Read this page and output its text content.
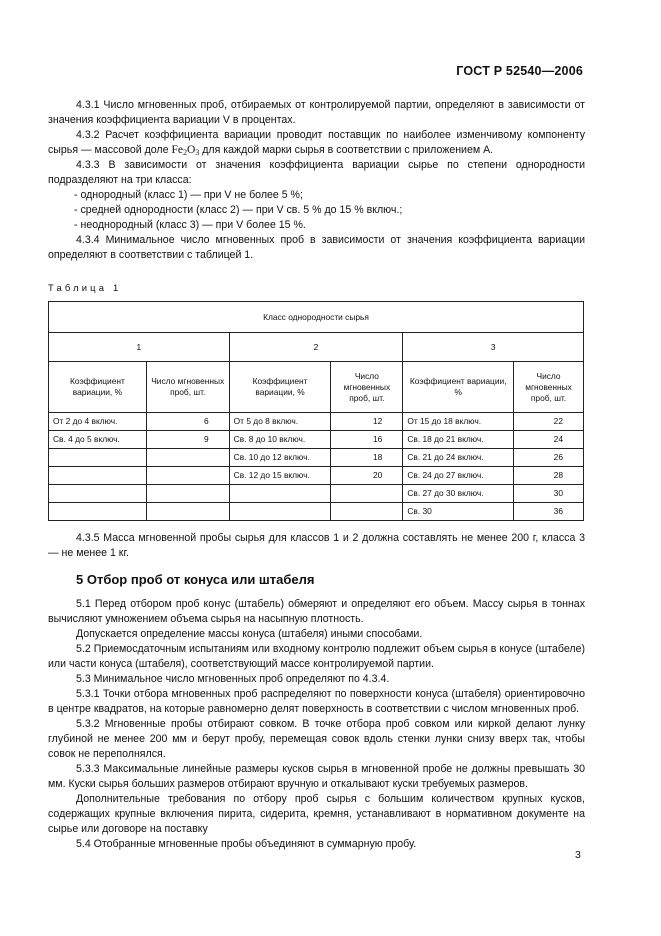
ГОСТ Р 52540—2006

4.3.1 Число мгновенных проб, отбираемых от контролируемой партии, определяют в зависимости от значения коэффициента вариации V в процентах.

4.3.2 Расчет коэффициента вариации проводит поставщик по наиболее изменчивому компоненту сырья — массовой доле $Fe_2O_3$ для каждой марки сырья в соответствии с приложением А.

4.3.3 В зависимости от значения коэффициента вариации сырье по степени однородности подразделяют на три класса:

- однородный (класс 1) — при V не более 5 %;

- средней однородности (класс 2) — при V св. 5 % до 15 % включ.;

- неоднородный (класс 3) — при V более 15 %.

4.3.4 Минимальное число мгновенных проб в зависимости от значения коэффициента вариации определяют в соответствии с таблицей 1.

Таблица 1
Класс однородности сырья					
1		2		3	
Коэффициент вариации, %	Число мгновенных проб, шт.	Коэффициент вариации, %	Число мгновенных проб, шт.	Коэффициент вариации, %	Число мгновенных проб, шт.
От 2 до 4 включ.	6	От 5 до 8 включ.	12	От 15 до 18 включ.	22
Св. 4 до 5 включ.	9	Св. 8 до 10 включ.	16	Св. 18 до 21 включ.	24
		Св. 10 до 12 включ.	18	Св. 21 до 24 включ.	26
		Св. 12 до 15 включ.	20	Св. 24 до 27 включ.	28
				Св. 27 до 30 включ.	30
				Св. 30	36

4.3.5 Масса мгновенной пробы сырья для классов 1 и 2 должна составлять не менее 200 г, класса 3 — не менее 1 кг.

5 Отбор проб от конуса или штабеля

5.1 Перед отбором проб конус (штабель) обмеряют и определяют его объем. Массу сырья в тоннах вычисляют умножением объема сырья на насыпную плотность.

Допускается определение массы конуса (штабеля) иными способами.

5.2 Приемосдаточным испытаниям или входному контролю подлежит объем сырья в конусе (штабеле) или части конуса (штабеля), соответствующий массе контролируемой партии.

5.3 Минимальное число мгновенных проб определяют по 4.3.4.

5.3.1 Точки отбора мгновенных проб распределяют по поверхности конуса (штабеля) ориентировочно в центре квадратов, на которые равномерно делят поверхность в соответствии с числом мгновенных проб.

5.3.2 Мгновенные пробы отбирают совком. В точке отбора проб совком или киркой делают лунку глубиной не менее 200 мм и берут пробу, перемещая совок вдоль стенки лунки снизу вверх так, чтобы совок не переполнялся.

5.3.3 Максимальные линейные размеры кусков сырья в мгновенной пробе не должны превышать 30 мм. Куски сырья больших размеров отбирают вручную и откалывают куски требуемых размеров.

Дополнительные требования по отбору проб сырья с большим количеством крупных кусков, содержащих крупные включения пирита, сидерита, кремня, устанавливают в нормативном документе на сырье или договоре на поставку

5.4 Отобранные мгновенные пробы объединяют в суммарную пробу.

3
